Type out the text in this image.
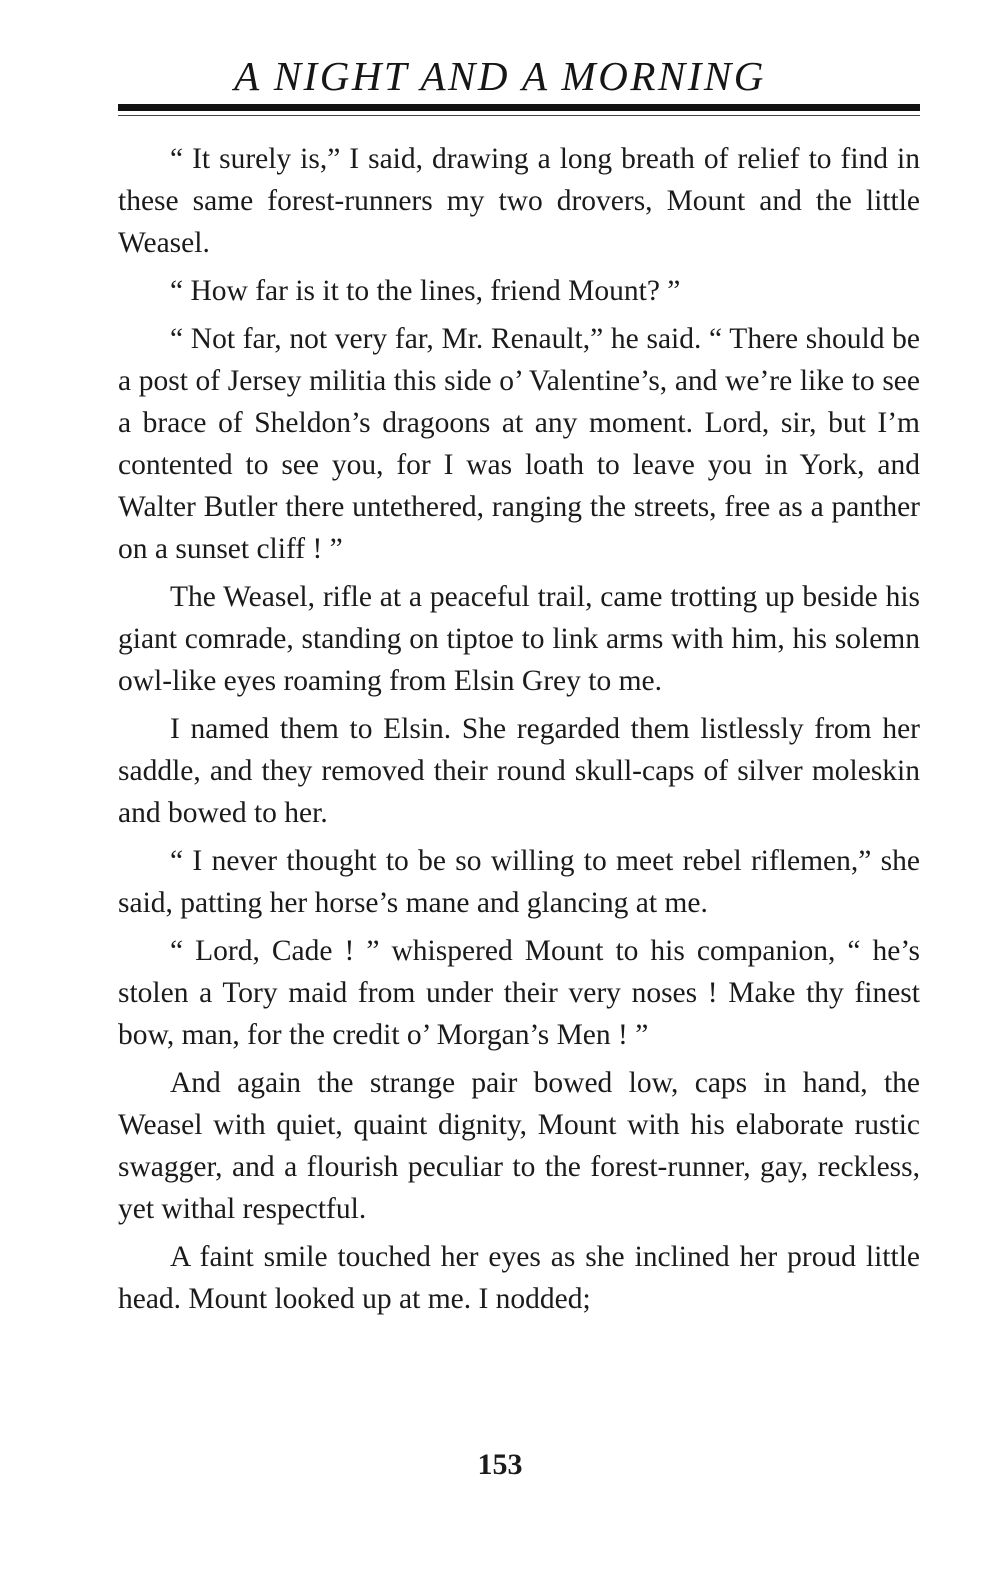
A NIGHT AND A MORNING

“ It surely is,” I said, drawing a long breath of relief to find in these same forest-runners my two drovers, Mount and the little Weasel.

“ How far is it to the lines, friend Mount? ”

“ Not far, not very far, Mr. Renault,” he said. “ There should be a post of Jersey militia this side o’ Valentine’s, and we’re like to see a brace of Sheldon’s dragoons at any moment. Lord, sir, but I’m contented to see you, for I was loath to leave you in York, and Walter Butler there untethered, ranging the streets, free as a panther on a sunset cliff ! ”

The Weasel, rifle at a peaceful trail, came trotting up beside his giant comrade, standing on tiptoe to link arms with him, his solemn owl-like eyes roaming from Elsin Grey to me.

I named them to Elsin. She regarded them listlessly from her saddle, and they removed their round skull-caps of silver moleskin and bowed to her.

“ I never thought to be so willing to meet rebel riflemen,” she said, patting her horse’s mane and glancing at me.

“ Lord, Cade ! ” whispered Mount to his companion, “ he’s stolen a Tory maid from under their very noses ! Make thy finest bow, man, for the credit o’ Morgan’s Men ! ”

And again the strange pair bowed low, caps in hand, the Weasel with quiet, quaint dignity, Mount with his elaborate rustic swagger, and a flourish peculiar to the forest-runner, gay, reckless, yet withal respectful.

A faint smile touched her eyes as she inclined her proud little head. Mount looked up at me. I nodded;

153
